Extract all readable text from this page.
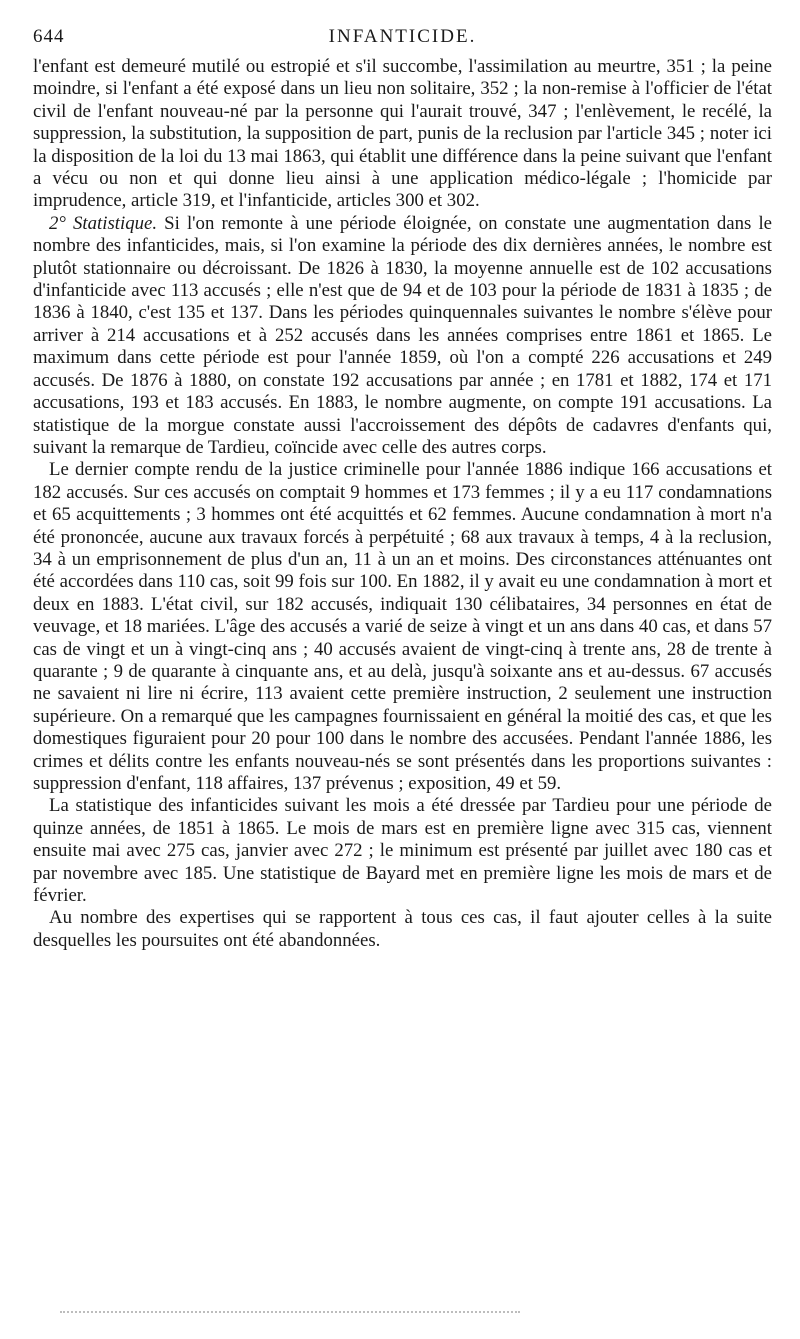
644	INFANTICIDE.

l'enfant est demeuré mutilé ou estropié et s'il succombe, l'assimilation au meurtre, 351 ; la peine moindre, si l'enfant a été exposé dans un lieu non solitaire, 352 ; la non-remise à l'officier de l'état civil de l'enfant nouveau-né par la personne qui l'aurait trouvé, 347 ; l'enlèvement, le recélé, la suppression, la substitution, la supposition de part, punis de la reclusion par l'article 345 ; noter ici la disposition de la loi du 13 mai 1863, qui établit une différence dans la peine suivant que l'enfant a vécu ou non et qui donne lieu ainsi à une application médico-légale ; l'homicide par imprudence, article 319, et l'infanticide, articles 300 et 302.

2° Statistique. Si l'on remonte à une période éloignée, on constate une augmentation dans le nombre des infanticides, mais, si l'on examine la période des dix dernières années, le nombre est plutôt stationnaire ou décroissant. De 1826 à 1830, la moyenne annuelle est de 102 accusations d'infanticide avec 113 accusés ; elle n'est que de 94 et de 103 pour la période de 1831 à 1835 ; de 1836 à 1840, c'est 135 et 137. Dans les périodes quinquennales suivantes le nombre s'élève pour arriver à 214 accusations et à 252 accusés dans les années comprises entre 1861 et 1865. Le maximum dans cette période est pour l'année 1859, où l'on a compté 226 accusations et 249 accusés. De 1876 à 1880, on constate 192 accusations par année ; en 1781 et 1882, 174 et 171 accusations, 193 et 183 accusés. En 1883, le nombre augmente, on compte 191 accusations. La statistique de la morgue constate aussi l'accroissement des dépôts de cadavres d'enfants qui, suivant la remarque de Tardieu, coïncide avec celle des autres corps.

Le dernier compte rendu de la justice criminelle pour l'année 1886 indique 166 accusations et 182 accusés. Sur ces accusés on comptait 9 hommes et 173 femmes ; il y a eu 117 condamnations et 65 acquittements ; 3 hommes ont été acquittés et 62 femmes. Aucune condamnation à mort n'a été prononcée, aucune aux travaux forcés à perpétuité ; 68 aux travaux à temps, 4 à la reclusion, 34 à un emprisonnement de plus d'un an, 11 à un an et moins. Des circonstances atténuantes ont été accordées dans 110 cas, soit 99 fois sur 100. En 1882, il y avait eu une condamnation à mort et deux en 1883. L'état civil, sur 182 accusés, indiquait 130 célibataires, 34 personnes en état de veuvage, et 18 mariées. L'âge des accusés a varié de seize à vingt et un ans dans 40 cas, et dans 57 cas de vingt et un à vingt-cinq ans ; 40 accusés avaient de vingt-cinq à trente ans, 28 de trente à quarante ; 9 de quarante à cinquante ans, et au delà, jusqu'à soixante ans et au-dessus. 67 accusés ne savaient ni lire ni écrire, 113 avaient cette première instruction, 2 seulement une instruction supérieure. On a remarqué que les campagnes fournissaient en général la moitié des cas, et que les domestiques figuraient pour 20 pour 100 dans le nombre des accusées. Pendant l'année 1886, les crimes et délits contre les enfants nouveau-nés se sont présentés dans les proportions suivantes : suppression d'enfant, 118 affaires, 137 prévenus ; exposition, 49 et 59.

La statistique des infanticides suivant les mois a été dressée par Tardieu pour une période de quinze années, de 1851 à 1865. Le mois de mars est en première ligne avec 315 cas, viennent ensuite mai avec 275 cas, janvier avec 272 ; le minimum est présenté par juillet avec 180 cas et par novembre avec 185. Une statistique de Bayard met en première ligne les mois de mars et de février.

Au nombre des expertises qui se rapportent à tous ces cas, il faut ajouter celles à la suite desquelles les poursuites ont été abandonnées.
